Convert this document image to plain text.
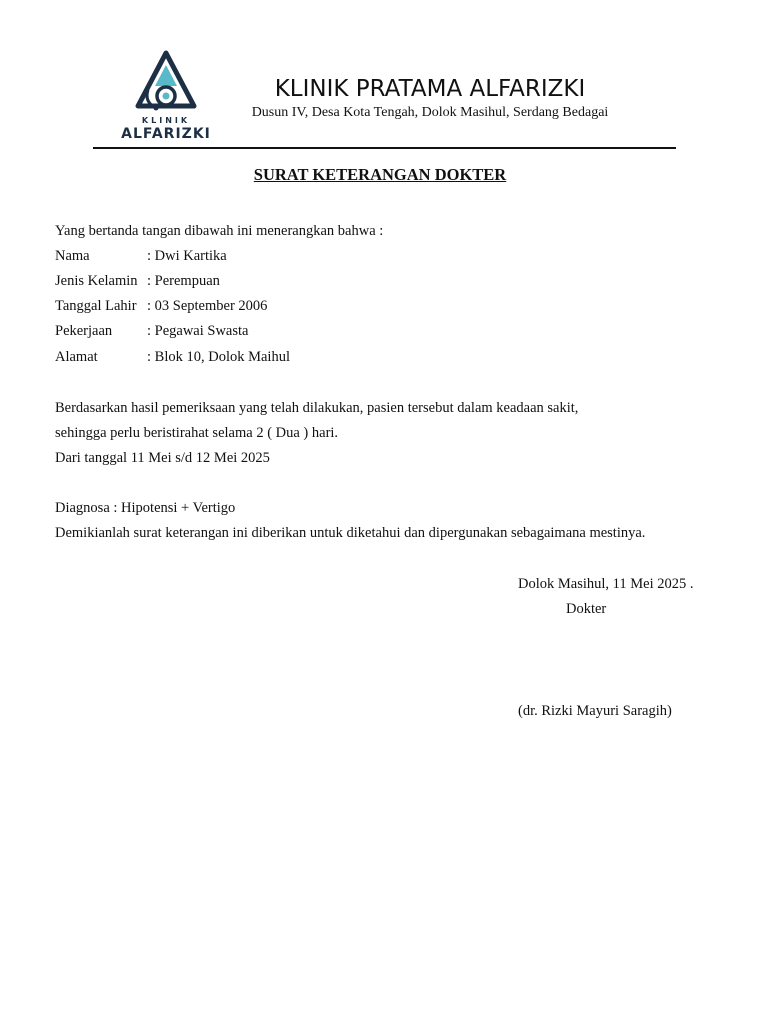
KLINIK
ALFARIZKI
KLINIK PRATAMA ALFARIZKI
Dusun IV, Desa Kota Tengah, Dolok Masihul, Serdang Bedagai
SURAT KETERANGAN DOKTER
Yang bertanda tangan dibawah ini menerangkan bahwa :
Nama	: Dwi Kartika
Jenis Kelamin : Perempuan
Tanggal Lahir : 03 September 2006
Pekerjaan : Pegawai Swasta
Alamat	: Blok 10, Dolok Maihul
Berdasarkan hasil pemeriksaan yang telah dilakukan, pasien tersebut dalam keadaan sakit,
sehingga perlu beristirahat selama 2 ( Dua ) hari.
Dari tanggal 11 Mei s/d 12 Mei 2025
Diagnosa : Hipotensi + Vertigo
Demikianlah surat keterangan ini diberikan untuk diketahui dan dipergunakan sebagaimana mestinya.
Dolok Masihul, 11 Mei 2025 .
Dokter
(dr. Rizki Mayuri Saragih)
